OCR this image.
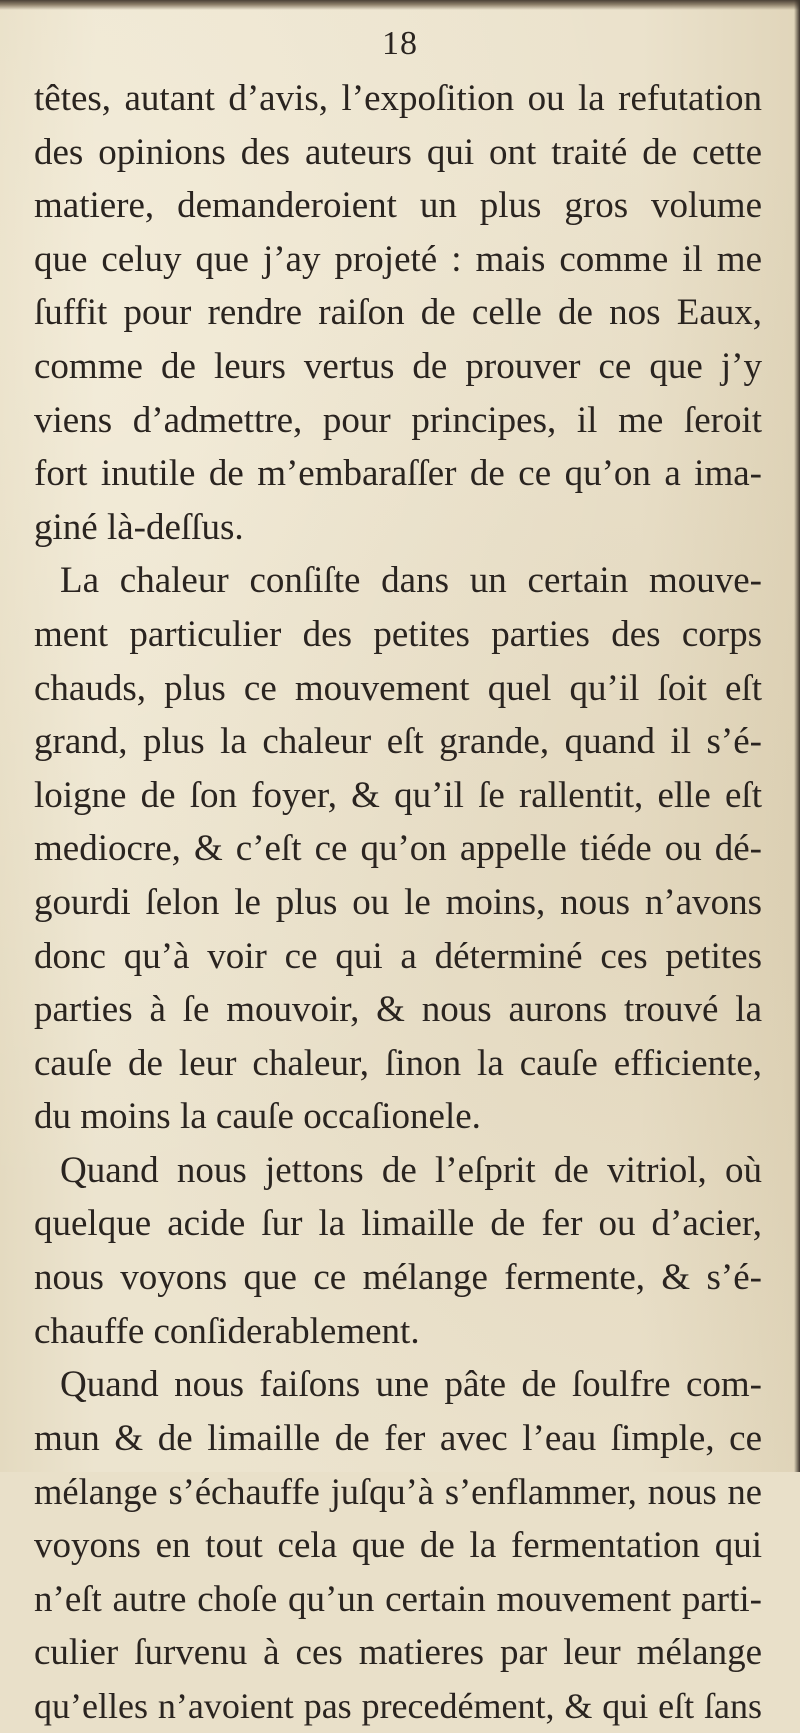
18
têtes, autant d’avis, l’expoſition ou la refutation
des opinions des auteurs qui ont traité de cette
matiere, demanderoient un plus gros volume
que celuy que j’ay projeté : mais comme il me
ſuffit pour rendre raiſon de celle de nos Eaux,
comme de leurs vertus de prouver ce que j’y
viens d’admettre, pour principes, il me ſeroit
fort inutile de m’embaraſſer de ce qu’on a ima-
giné là-deſſus.
La chaleur conſiſte dans un certain mouve-
ment particulier des petites parties des corps
chauds, plus ce mouvement quel qu’il ſoit eſt
grand, plus la chaleur eſt grande, quand il s’é-
loigne de ſon foyer, & qu’il ſe rallentit, elle eſt
mediocre, & c’eſt ce qu’on appelle tiéde ou dé-
gourdi ſelon le plus ou le moins, nous n’avons
donc qu’à voir ce qui a déterminé ces petites
parties à ſe mouvoir, & nous aurons trouvé la
cauſe de leur chaleur, ſinon la cauſe efficiente,
du moins la cauſe occaſionele.
Quand nous jettons de l’eſprit de vitriol, où
quelque acide ſur la limaille de fer ou d’acier,
nous voyons que ce mélange fermente, & s’é-
chauffe conſiderablement.
Quand nous faiſons une pâte de ſoulfre com-
mun & de limaille de fer avec l’eau ſimple, ce
mélange s’échauffe juſqu’à s’enflammer, nous ne
voyons en tout cela que de la fermentation qui
n’eſt autre choſe qu’un certain mouvement parti-
culier ſurvenu à ces matieres par leur mélange
qu’elles n’avoient pas precedément, & qui eſt ſans
